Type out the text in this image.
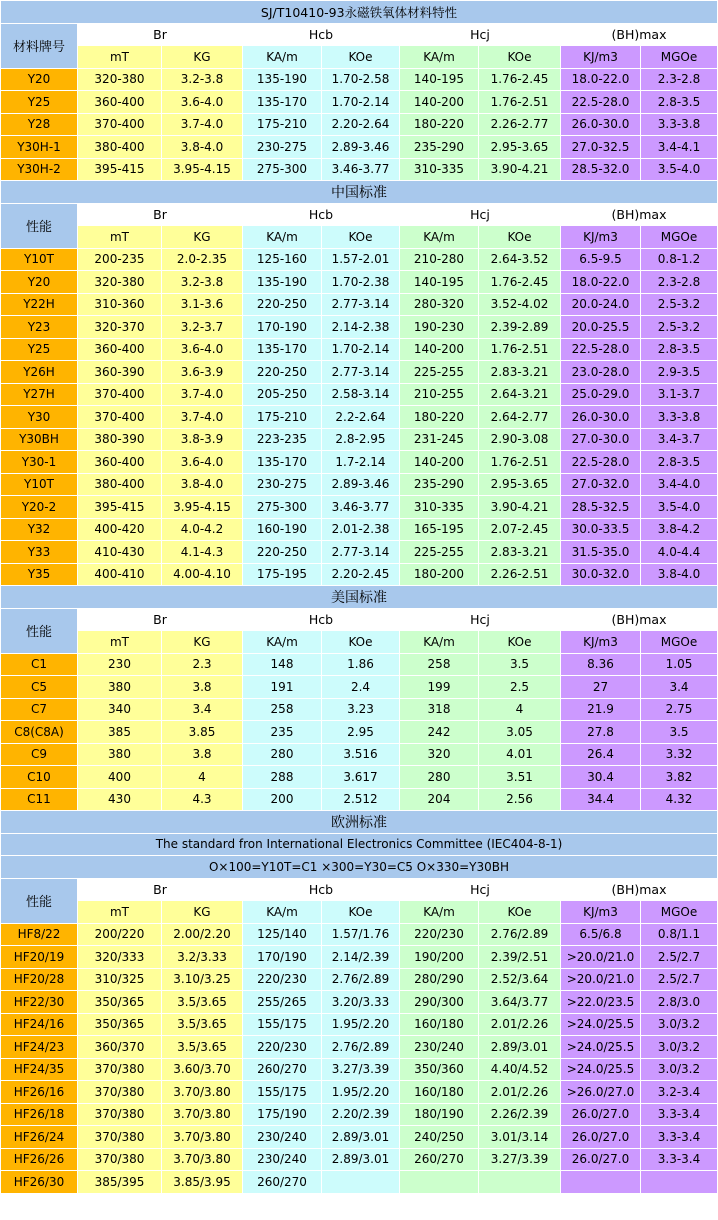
SJ/T10410-93永磁铁氧体材料特性								
材料牌号	Br		Hcb		Hcj		(BH)max	
	mT	KG	KA/m	KOe	KA/m	KOe	KJ/m3	MGOe
Y20	320-380	3.2-3.8	135-190	1.70-2.58	140-195	1.76-2.45	18.0-22.0	2.3-2.8
Y25	360-400	3.6-4.0	135-170	1.70-2.14	140-200	1.76-2.51	22.5-28.0	2.8-3.5
Y28	370-400	3.7-4.0	175-210	2.20-2.64	180-220	2.26-2.77	26.0-30.0	3.3-3.8
Y30H-1	380-400	3.8-4.0	230-275	2.89-3.46	235-290	2.95-3.65	27.0-32.5	3.4-4.1
Y30H-2	395-415	3.95-4.15	275-300	3.46-3.77	310-335	3.90-4.21	28.5-32.0	3.5-4.0
中国标准								
性能	Br		Hcb		Hcj		(BH)max	
	mT	KG	KA/m	KOe	KA/m	KOe	KJ/m3	MGOe
Y10T	200-235	2.0-2.35	125-160	1.57-2.01	210-280	2.64-3.52	6.5-9.5	0.8-1.2
Y20	320-380	3.2-3.8	135-190	1.70-2.38	140-195	1.76-2.45	18.0-22.0	2.3-2.8
Y22H	310-360	3.1-3.6	220-250	2.77-3.14	280-320	3.52-4.02	20.0-24.0	2.5-3.2
Y23	320-370	3.2-3.7	170-190	2.14-2.38	190-230	2.39-2.89	20.0-25.5	2.5-3.2
Y25	360-400	3.6-4.0	135-170	1.70-2.14	140-200	1.76-2.51	22.5-28.0	2.8-3.5
Y26H	360-390	3.6-3.9	220-250	2.77-3.14	225-255	2.83-3.21	23.0-28.0	2.9-3.5
Y27H	370-400	3.7-4.0	205-250	2.58-3.14	210-255	2.64-3.21	25.0-29.0	3.1-3.7
Y30	370-400	3.7-4.0	175-210	2.2-2.64	180-220	2.64-2.77	26.0-30.0	3.3-3.8
Y30BH	380-390	3.8-3.9	223-235	2.8-2.95	231-245	2.90-3.08	27.0-30.0	3.4-3.7
Y30-1	360-400	3.6-4.0	135-170	1.7-2.14	140-200	1.76-2.51	22.5-28.0	2.8-3.5
Y10T	380-400	3.8-4.0	230-275	2.89-3.46	235-290	2.95-3.65	27.0-32.0	3.4-4.0
Y20-2	395-415	3.95-4.15	275-300	3.46-3.77	310-335	3.90-4.21	28.5-32.5	3.5-4.0
Y32	400-420	4.0-4.2	160-190	2.01-2.38	165-195	2.07-2.45	30.0-33.5	3.8-4.2
Y33	410-430	4.1-4.3	220-250	2.77-3.14	225-255	2.83-3.21	31.5-35.0	4.0-4.4
Y35	400-410	4.00-4.10	175-195	2.20-2.45	180-200	2.26-2.51	30.0-32.0	3.8-4.0
美国标准								
性能	Br		Hcb		Hcj		(BH)max	
	mT	KG	KA/m	KOe	KA/m	KOe	KJ/m3	MGOe
C1	230	2.3	148	1.86	258	3.5	8.36	1.05
C5	380	3.8	191	2.4	199	2.5	27	3.4
C7	340	3.4	258	3.23	318	4	21.9	2.75
C8(C8A)	385	3.85	235	2.95	242	3.05	27.8	3.5
C9	380	3.8	280	3.516	320	4.01	26.4	3.32
C10	400	4	288	3.617	280	3.51	30.4	3.82
C11	430	4.3	200	2.512	204	2.56	34.4	4.32
欧洲标准								
The standard fron International Electronics Committee (IEC404-8-1)								
O×100=Y10T=C1 ×300=Y30=C5 O×330=Y30BH								
性能	Br		Hcb		Hcj		(BH)max	
	mT	KG	KA/m	KOe	KA/m	KOe	KJ/m3	MGOe
HF8/22	200/220	2.00/2.20	125/140	1.57/1.76	220/230	2.76/2.89	6.5/6.8	0.8/1.1
HF20/19	320/333	3.2/3.33	170/190	2.14/2.39	190/200	2.39/2.51	>20.0/21.0	2.5/2.7
HF20/28	310/325	3.10/3.25	220/230	2.76/2.89	280/290	2.52/3.64	>20.0/21.0	2.5/2.7
HF22/30	350/365	3.5/3.65	255/265	3.20/3.33	290/300	3.64/3.77	>22.0/23.5	2.8/3.0
HF24/16	350/365	3.5/3.65	155/175	1.95/2.20	160/180	2.01/2.26	>24.0/25.5	3.0/3.2
HF24/23	360/370	3.5/3.65	220/230	2.76/2.89	230/240	2.89/3.01	>24.0/25.5	3.0/3.2
HF24/35	370/380	3.60/3.70	260/270	3.27/3.39	350/360	4.40/4.52	>24.0/25.5	3.0/3.2
HF26/16	370/380	3.70/3.80	155/175	1.95/2.20	160/180	2.01/2.26	>26.0/27.0	3.2-3.4
HF26/18	370/380	3.70/3.80	175/190	2.20/2.39	180/190	2.26/2.39	26.0/27.0	3.3-3.4
HF26/24	370/380	3.70/3.80	230/240	2.89/3.01	240/250	3.01/3.14	26.0/27.0	3.3-3.4
HF26/26	370/380	3.70/3.80	230/240	2.89/3.01	260/270	3.27/3.39	26.0/27.0	3.3-3.4
HF26/30	385/395	3.85/3.95	260/270					
